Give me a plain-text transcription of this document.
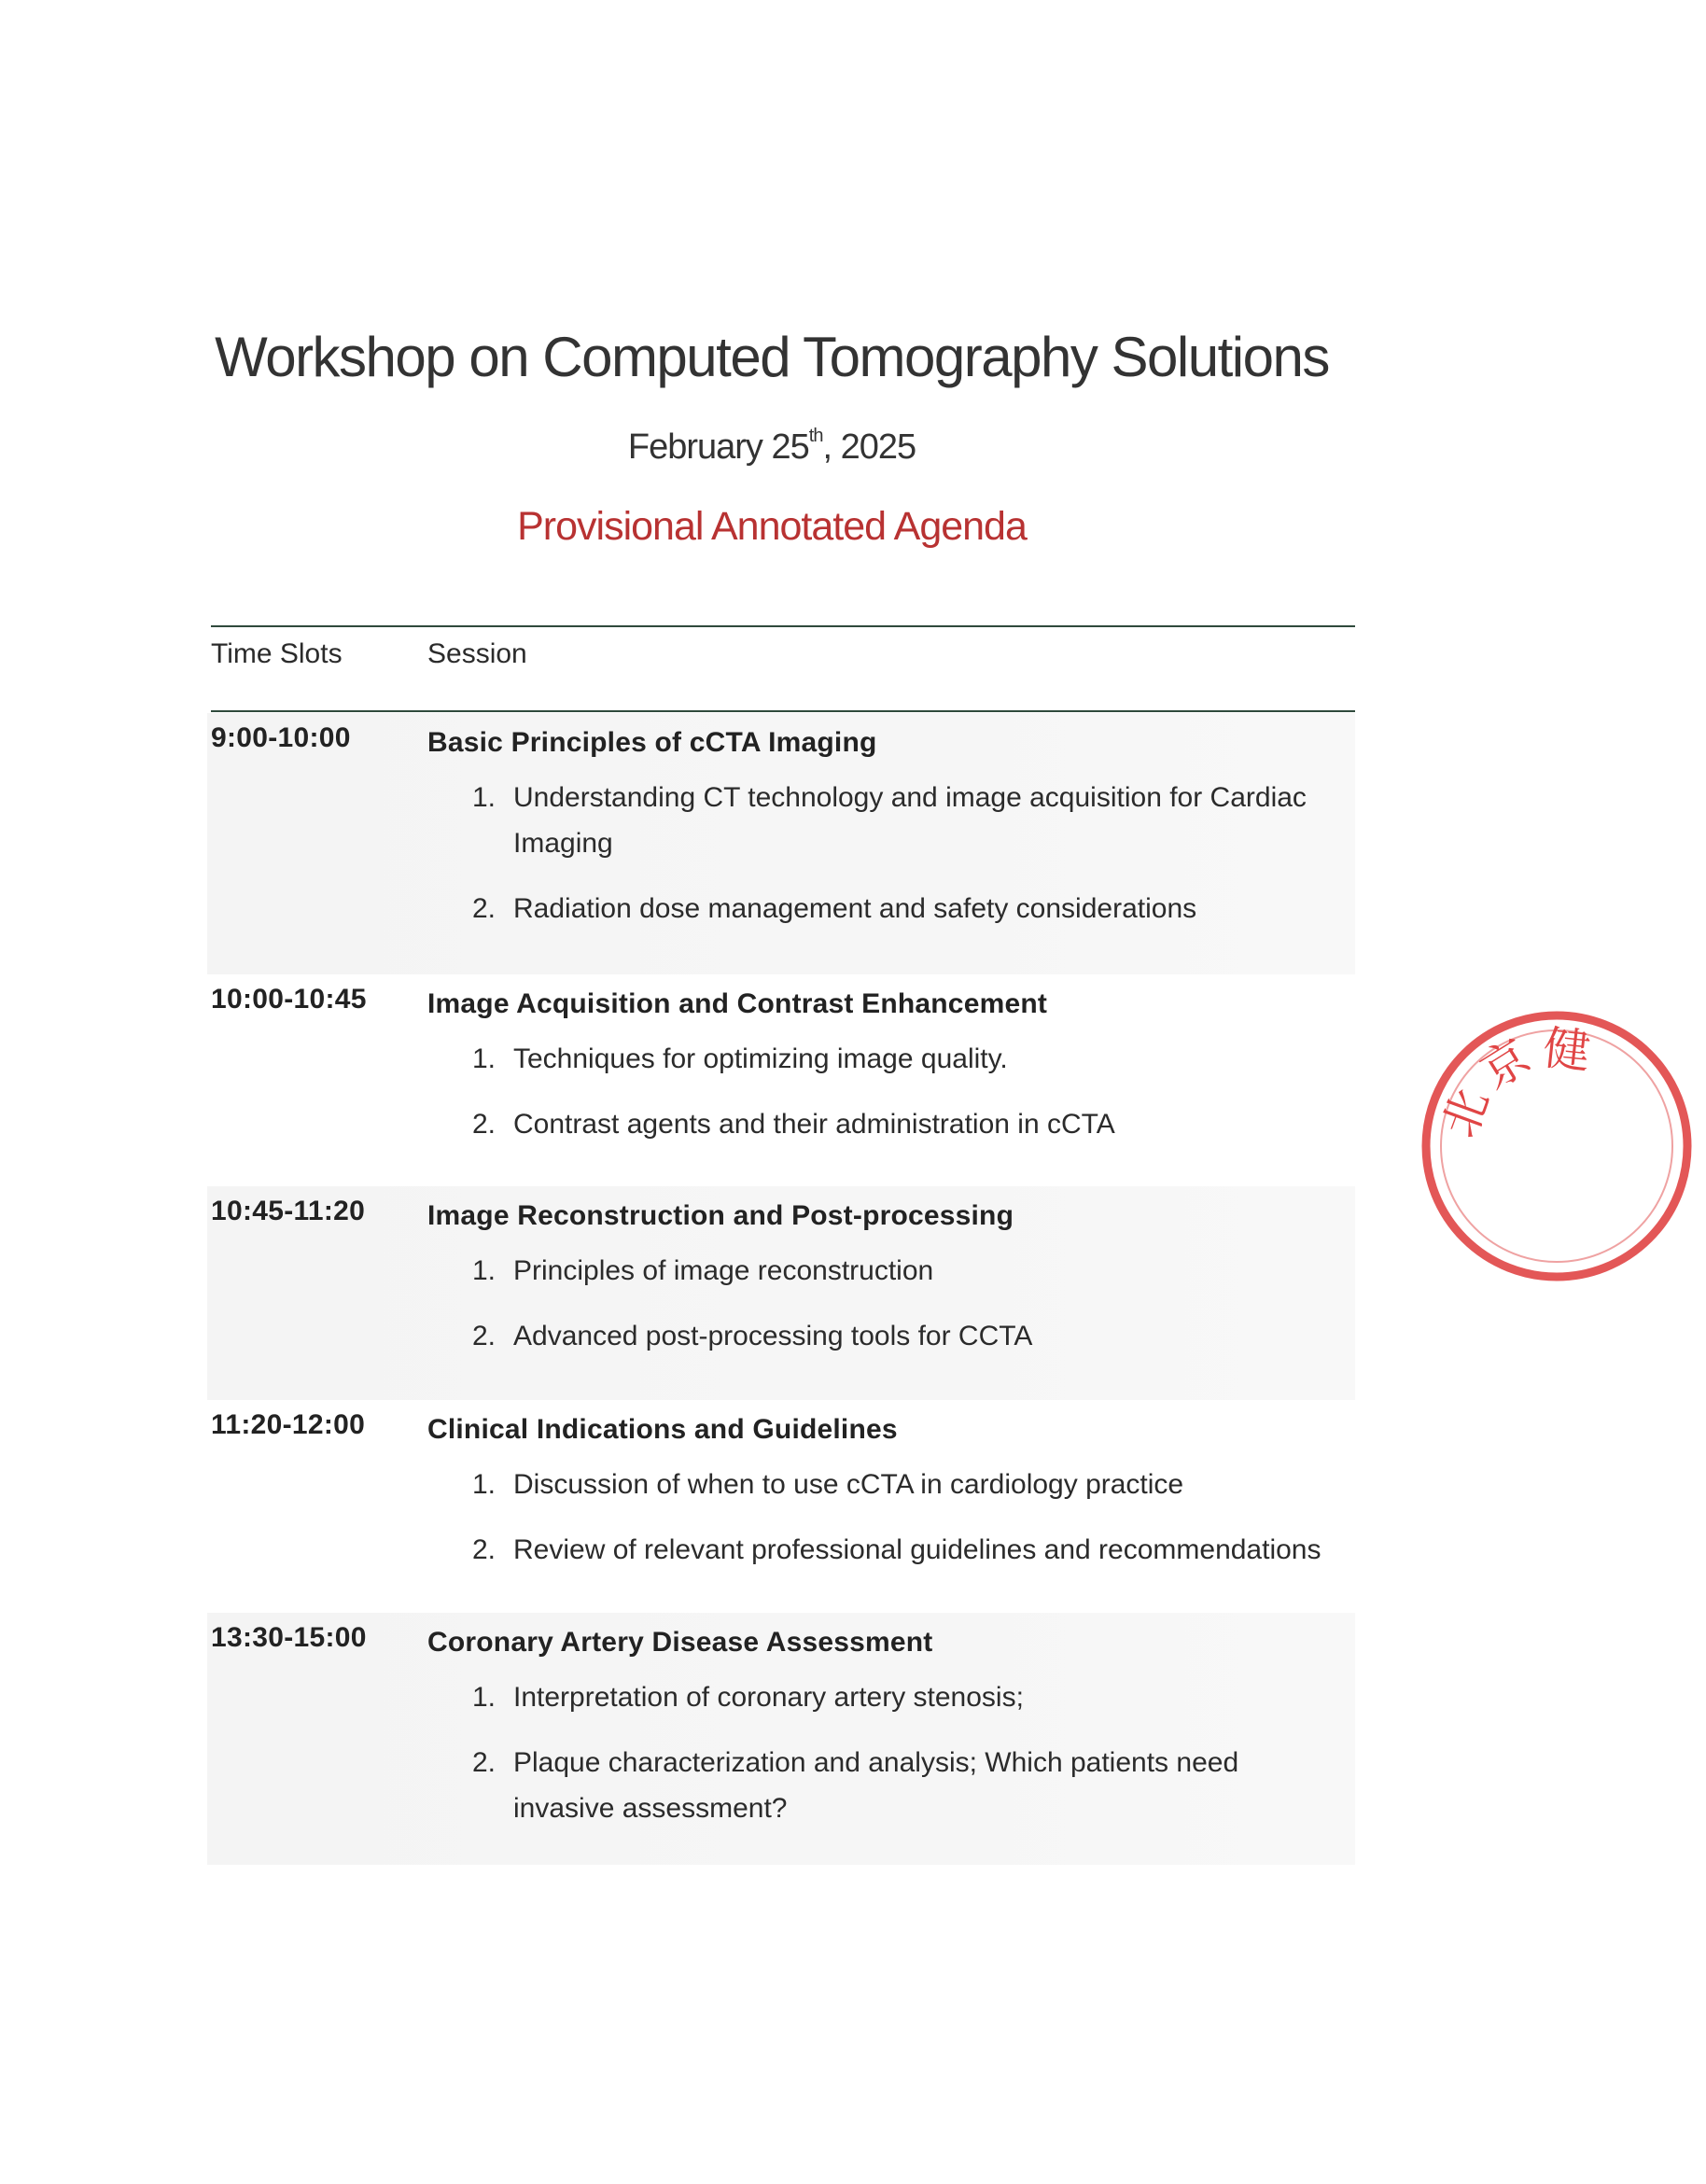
Workshop on Computed Tomography Solutions
February 25th, 2025
Provisional Annotated Agenda
Time Slots	Session
9:00-10:00	Basic Principles of cCTA Imaging
1. Understanding CT technology and image acquisition for Cardiac Imaging
2. Radiation dose management and safety considerations
10:00-10:45 Image Acquisition and Contrast Enhancement
1. Techniques for optimizing image quality.
2. Contrast agents and their administration in cCTA
10:45-11:20 Image Reconstruction and Post-processing
1. Principles of image reconstruction
2. Advanced post-processing tools for CCTA
11:20-12:00 Clinical Indications and Guidelines
1. Discussion of when to use cCTA in cardiology practice
2. Review of relevant professional guidelines and recommendations
13:30-15:00 Coronary Artery Disease Assessment
1. Interpretation of coronary artery stenosis;
2. Plaque characterization and analysis; Which patients need invasive assessment?
北
京 健
